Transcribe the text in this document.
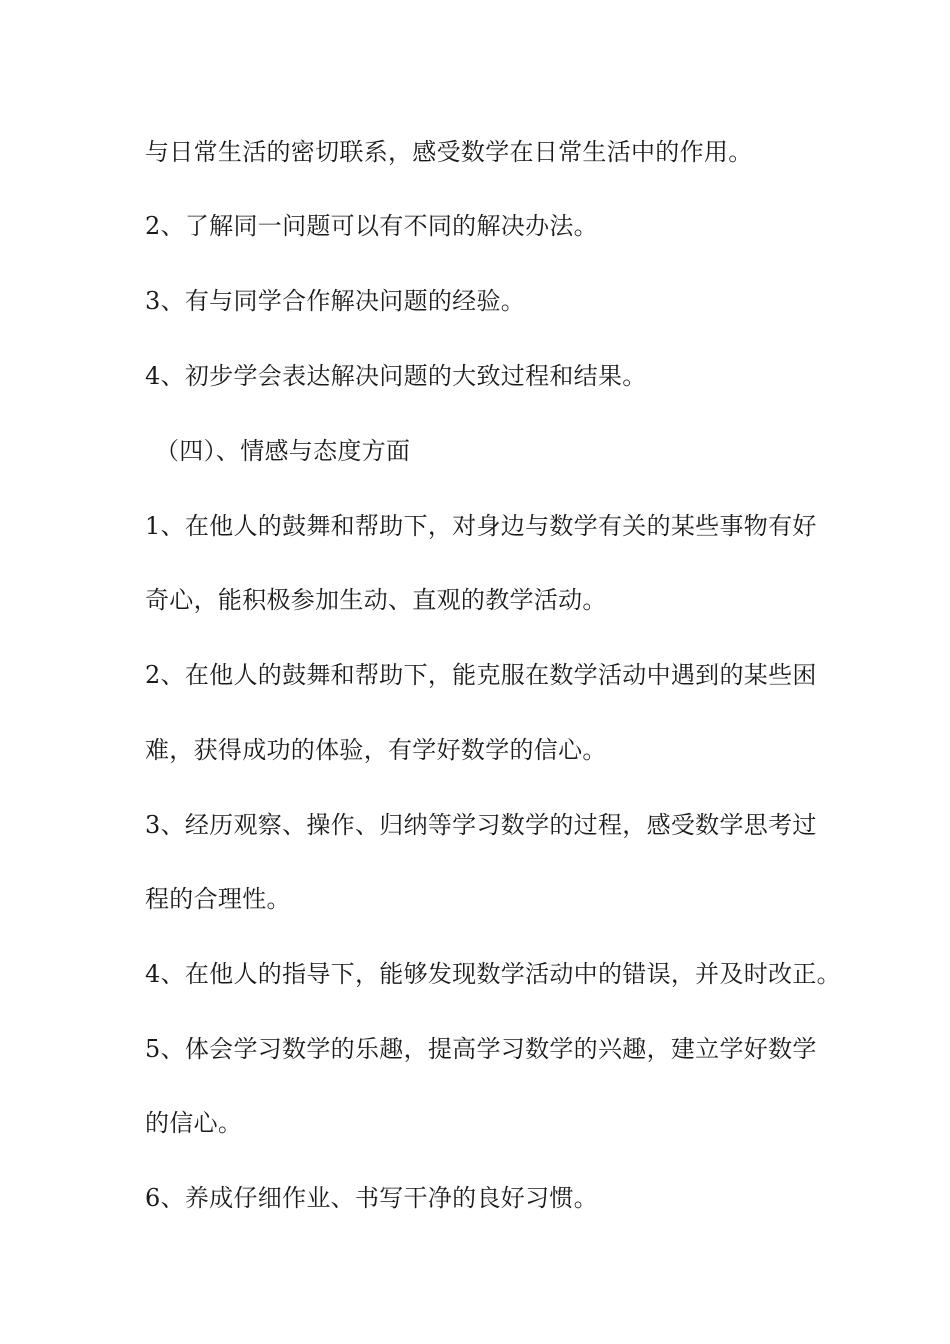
与日常生活的密切联系，感受数学在日常生活中的作用。
2、了解同一问题可以有不同的解决办法。
3、有与同学合作解决问题的经验。
4、初步学会表达解决问题的大致过程和结果。
（四）、情感与态度方面
1、在他人的鼓舞和帮助下，对身边与数学有关的某些事物有好
奇心，能积极参加生动、直观的教学活动。
2、在他人的鼓舞和帮助下，能克服在数学活动中遇到的某些困
难，获得成功的体验，有学好数学的信心。
3、经历观察、操作、归纳等学习数学的过程，感受数学思考过
程的合理性。
4、在他人的指导下，能够发现数学活动中的错误，并及时改正。
5、体会学习数学的乐趣，提高学习数学的兴趣，建立学好数学
的信心。
6、养成仔细作业、书写干净的良好习惯。
